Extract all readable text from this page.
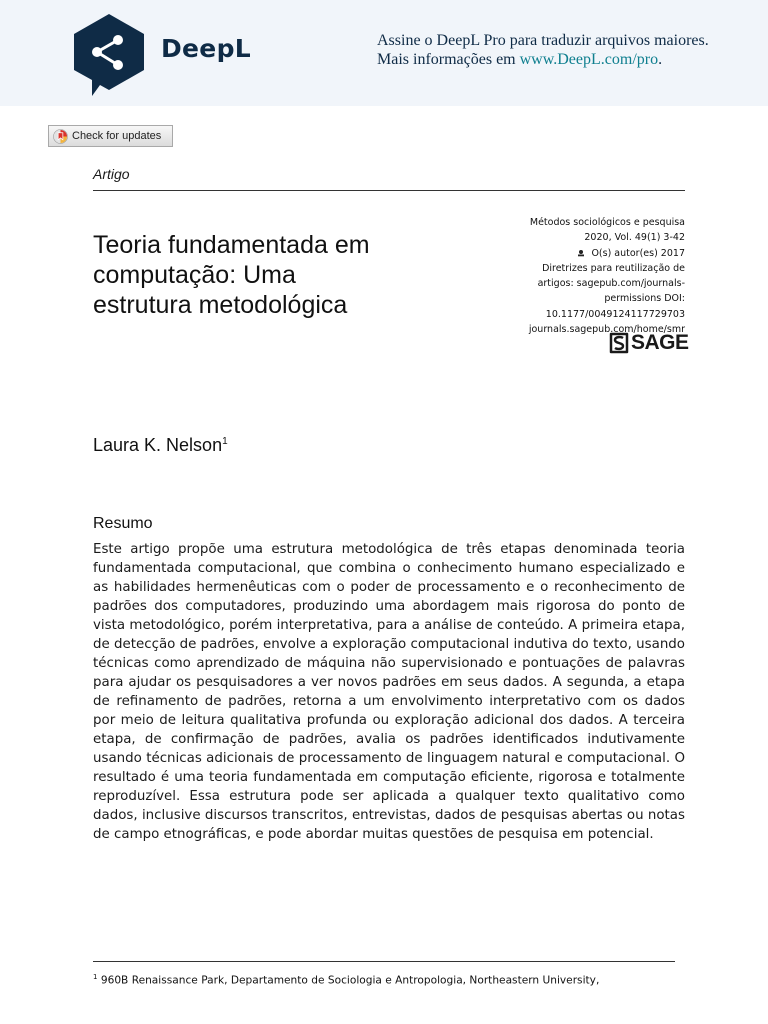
DeepL	Assine o DeepL Pro para traduzir arquivos maiores.
Mais informações em www.DeepL.com/pro.
Check for updates
Artigo
Teoria fundamentada em computação: Uma estrutura metodológica
Métodos sociológicos e pesquisa
2020, Vol. 49(1) 3-42
O(s) autor(es) 2017
Diretrizes para reutilização de
artigos: sagepub.com/journals-
permissions DOI:
10.1177/0049124117729703
journals.sagepub.com/home/smr
SAGE
Laura K. Nelson$^1$
Resumo

Este artigo propõe uma estrutura metodológica de três etapas denominada teoria fundamentada computacional, que combina o conhecimento humano especializado e as habilidades hermenêuticas com o poder de processamento e o reconhecimento de padrões dos computadores, produzindo uma abordagem mais rigorosa do ponto de vista metodológico, porém interpretativa, para a análise de conteúdo. A primeira etapa, de detecção de padrões, envolve a exploração computacional indutiva do texto, usando técnicas como aprendizado de máquina não supervisionado e pontuações de palavras para ajudar os pesquisadores a ver novos padrões em seus dados. A segunda, a etapa de refinamento de padrões, retorna a um envolvimento interpretativo com os dados por meio de leitura qualitativa profunda ou exploração adicional dos dados. A terceira etapa, de confirmação de padrões, avalia os padrões identificados indutivamente usando técnicas adicionais de processamento de linguagem natural e computacional. O resultado é uma teoria fundamentada em computação eficiente, rigorosa e totalmente reproduzível. Essa estrutura pode ser aplicada a qualquer texto qualitativo como dados, inclusive discursos transcritos, entrevistas, dados de pesquisas abertas ou notas de campo etnográficas, e pode abordar muitas questões de pesquisa em potencial.

$^1$ 960B Renaissance Park, Departamento de Sociologia e Antropologia, Northeastern University,
